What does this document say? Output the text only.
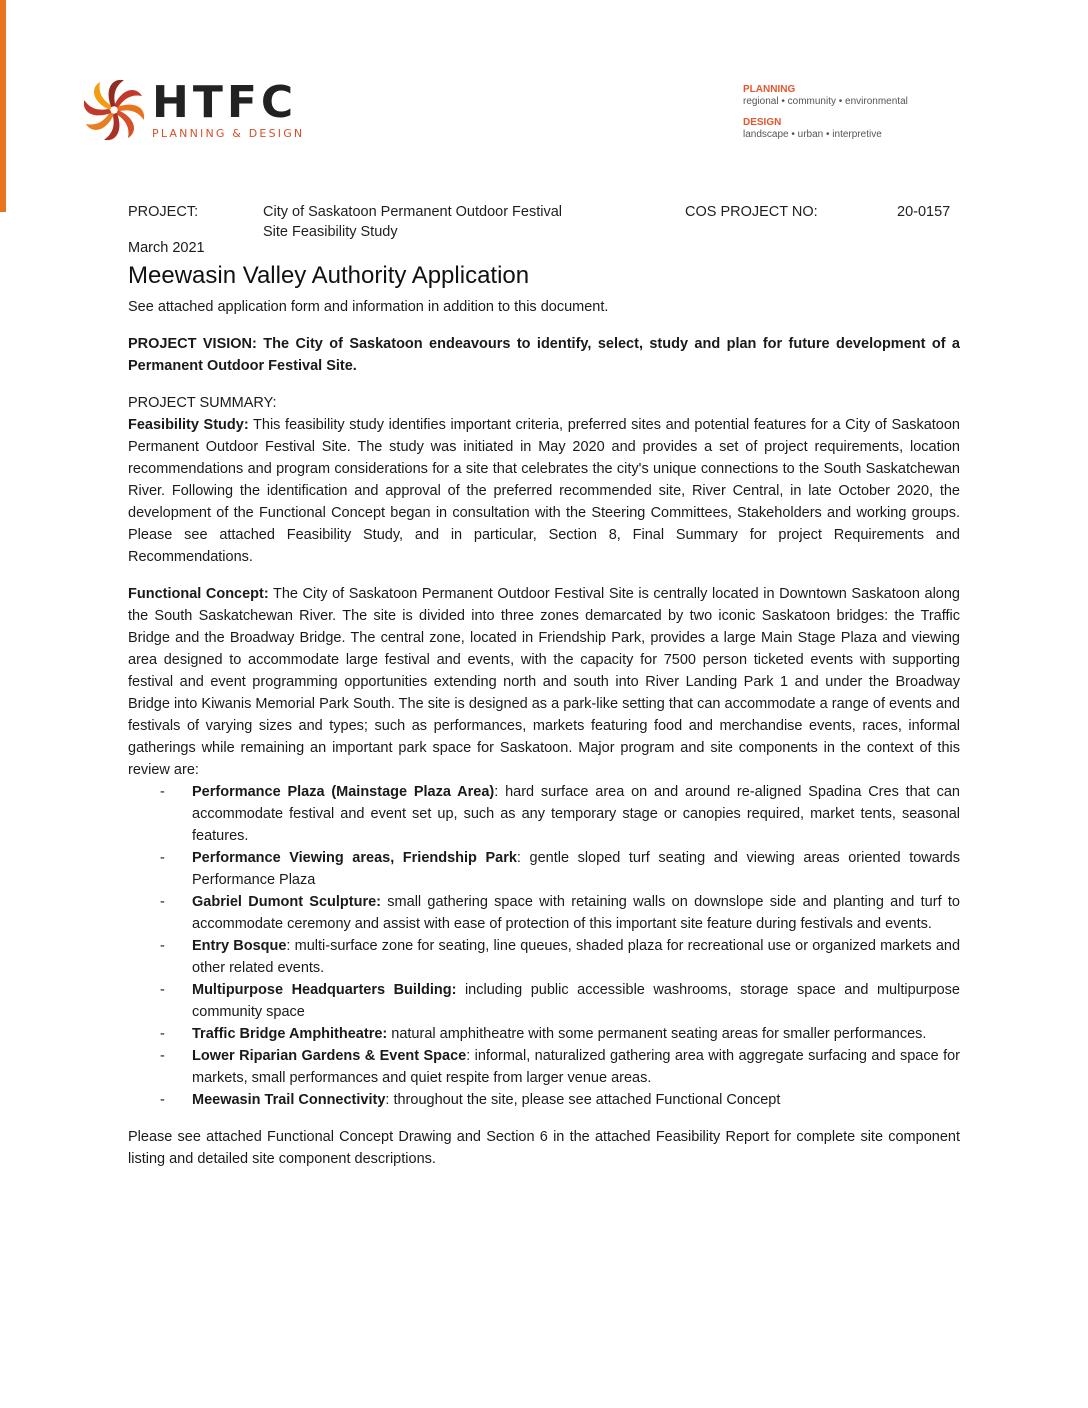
HTFC
PLANNING & DESIGN
PLANNING
regional • community • environmental
DESIGN
landscape • urban • interpretive
PROJECT:	City of Saskatoon Permanent Outdoor Festival
Site Feasibility Study
COS PROJECT NO:	20-0157
March 2021
Meewasin Valley Authority Application

See attached application form and information in addition to this document.

PROJECT VISION: The City of Saskatoon endeavours to identify, select, study and plan for future development of a Permanent Outdoor Festival Site.

PROJECT SUMMARY:

Feasibility Study: This feasibility study identifies important criteria, preferred sites and potential features for a City of Saskatoon Permanent Outdoor Festival Site. The study was initiated in May 2020 and provides a set of project requirements, location recommendations and program considerations for a site that celebrates the city's unique connections to the South Saskatchewan River. Following the identification and approval of the preferred recommended site, River Central, in late October 2020, the development of the Functional Concept began in consultation with the Steering Committees, Stakeholders and working groups. Please see attached Feasibility Study, and in particular, Section 8, Final Summary for project Requirements and Recommendations.

Functional Concept: The City of Saskatoon Permanent Outdoor Festival Site is centrally located in Downtown Saskatoon along the South Saskatchewan River. The site is divided into three zones demarcated by two iconic Saskatoon bridges: the Traffic Bridge and the Broadway Bridge. The central zone, located in Friendship Park, provides a large Main Stage Plaza and viewing area designed to accommodate large festival and events, with the capacity for 7500 person ticketed events with supporting festival and event programming opportunities extending north and south into River Landing Park 1 and under the Broadway Bridge into Kiwanis Memorial Park South. The site is designed as a park-like setting that can accommodate a range of events and festivals of varying sizes and types; such as performances, markets featuring food and merchandise events, races, informal gatherings while remaining an important park space for Saskatoon. Major program and site components in the context of this review are:

- Performance Plaza (Mainstage Plaza Area): hard surface area on and around re-aligned Spadina Cres that can accommodate festival and event set up, such as any temporary stage or canopies required, market tents, seasonal features.
- Performance Viewing areas, Friendship Park: gentle sloped turf seating and viewing areas oriented towards Performance Plaza
- Gabriel Dumont Sculpture: small gathering space with retaining walls on downslope side and planting and turf to accommodate ceremony and assist with ease of protection of this important site feature during festivals and events.
- Entry Bosque: multi-surface zone for seating, line queues, shaded plaza for recreational use or organized markets and other related events.
- Multipurpose Headquarters Building: including public accessible washrooms, storage space and multipurpose community space
- Traffic Bridge Amphitheatre: natural amphitheatre with some permanent seating areas for smaller performances.
- Lower Riparian Gardens & Event Space: informal, naturalized gathering area with aggregate surfacing and space for markets, small performances and quiet respite from larger venue areas.
- Meewasin Trail Connectivity: throughout the site, please see attached Functional Concept

Please see attached Functional Concept Drawing and Section 6 in the attached Feasibility Report for complete site component listing and detailed site component descriptions.
